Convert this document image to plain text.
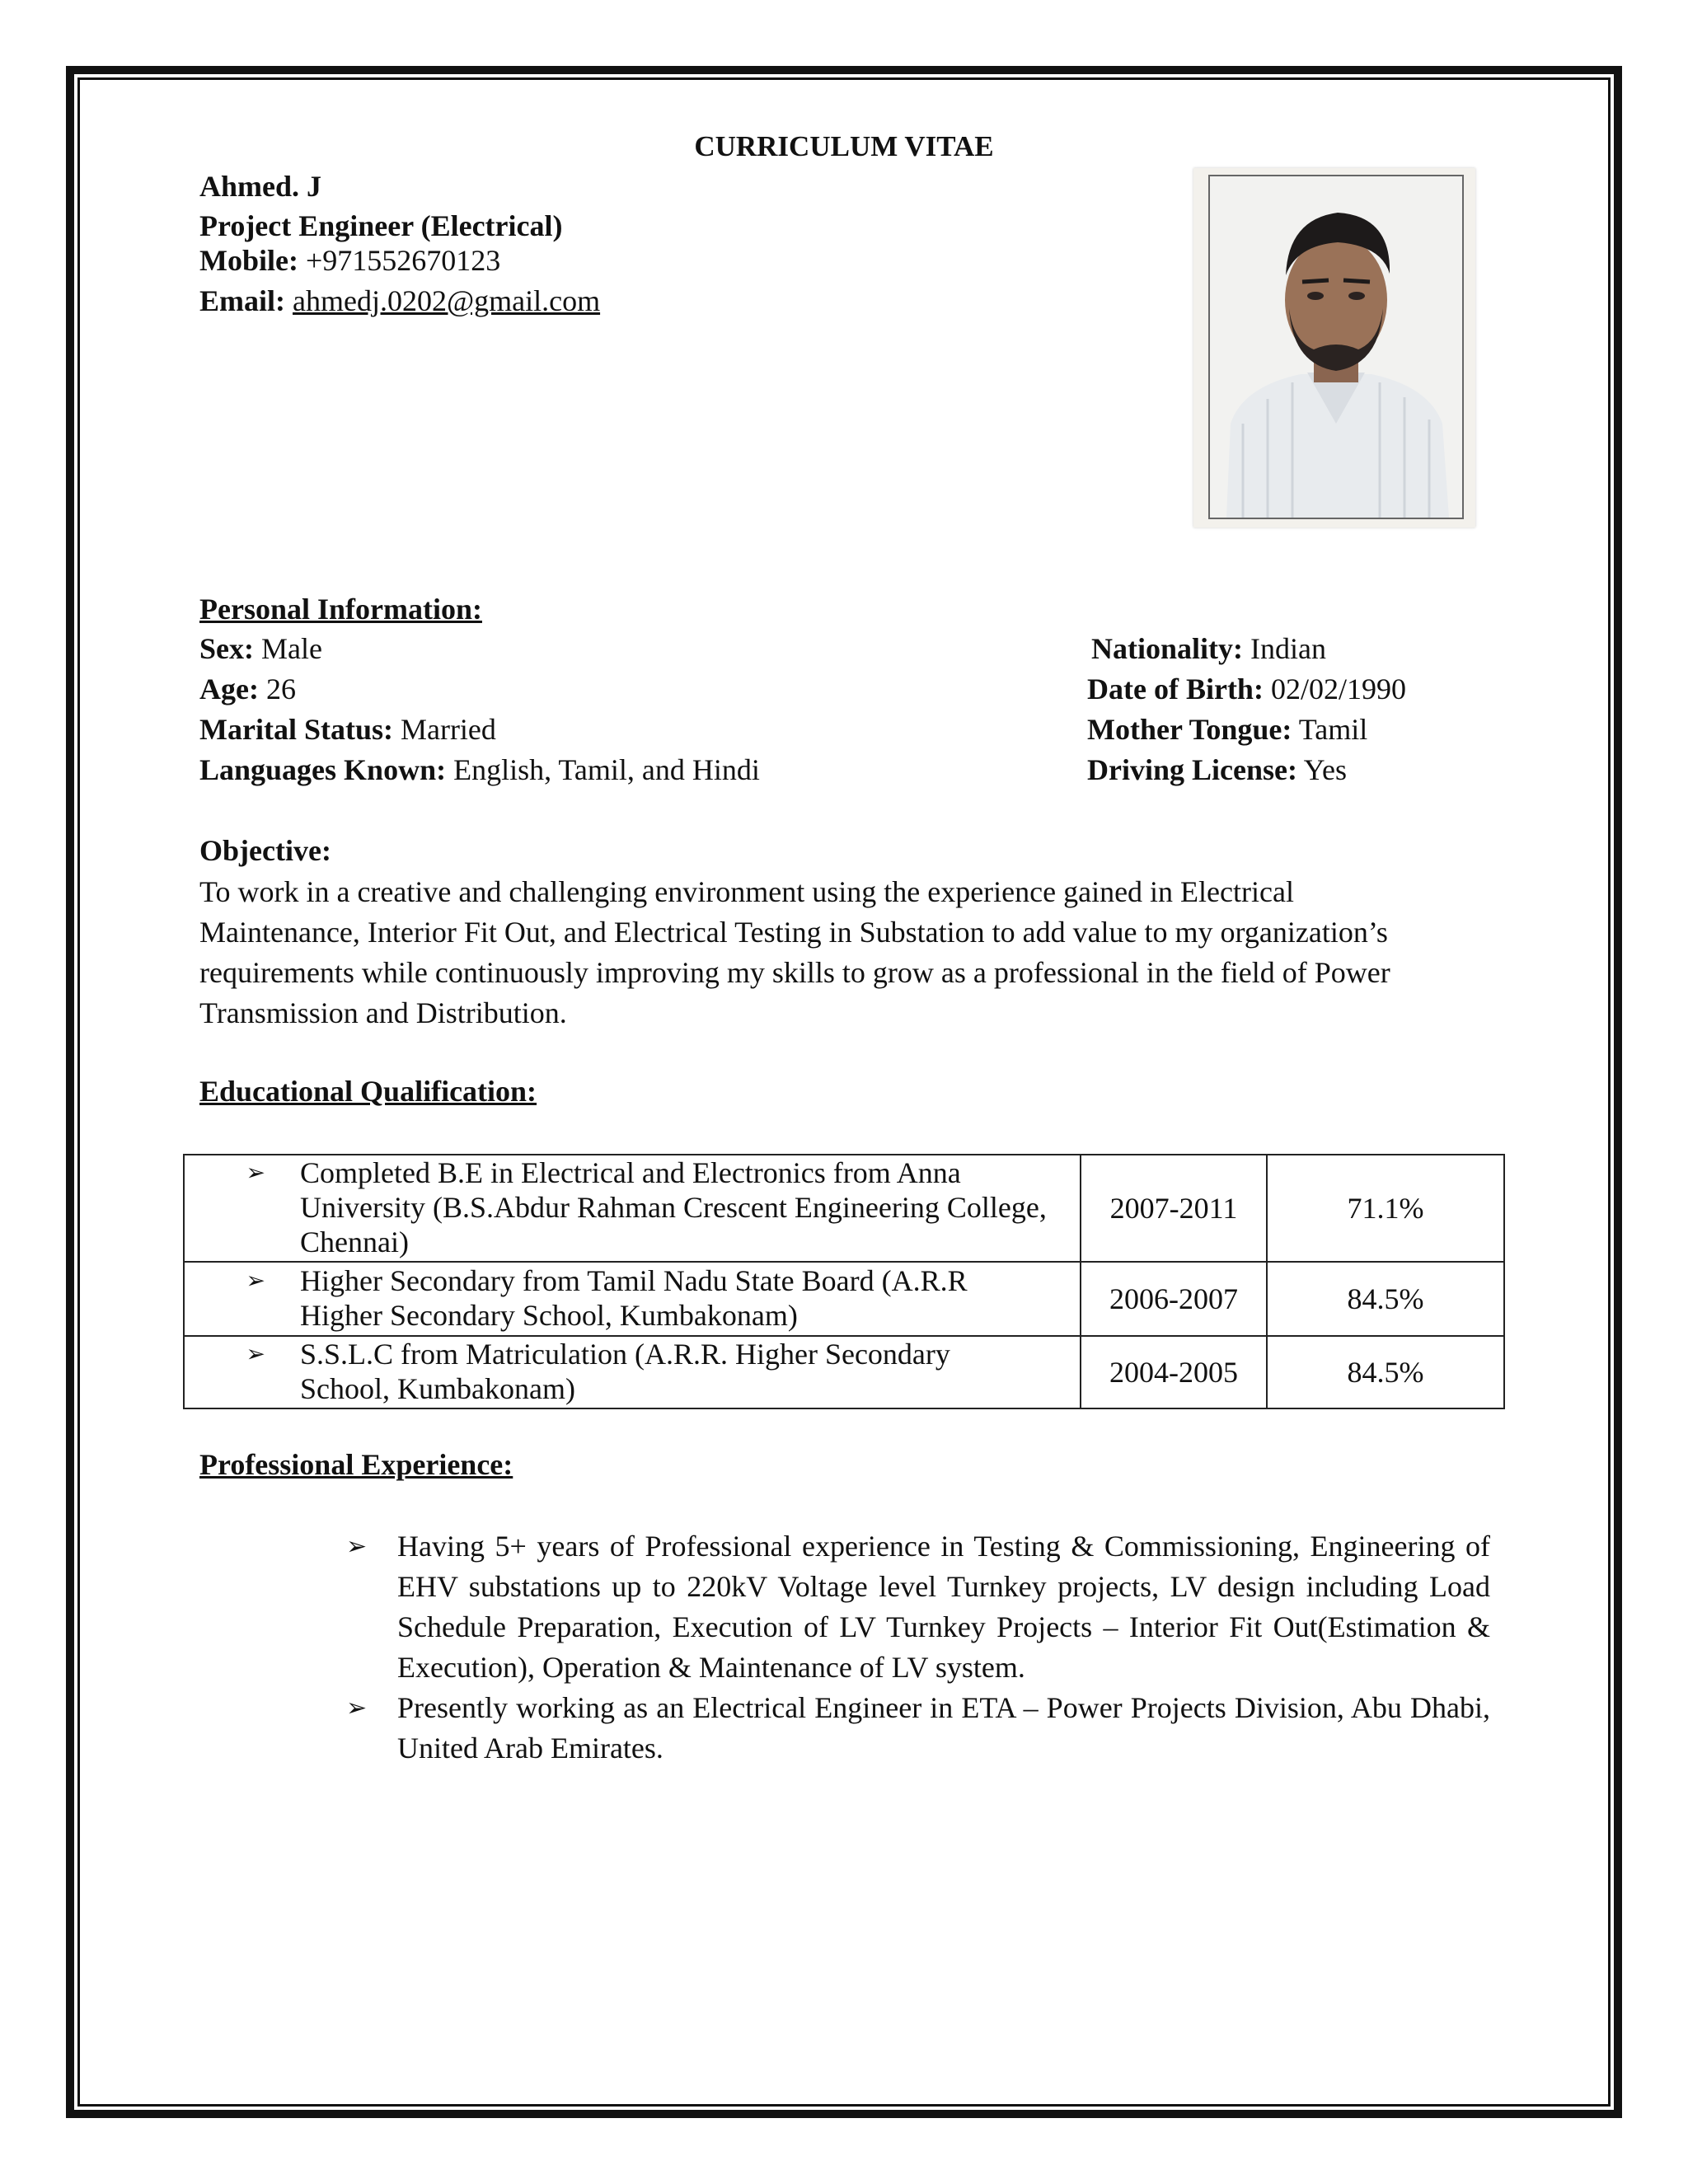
CURRICULUM VITAE
Ahmed. J
Project Engineer (Electrical)
Mobile: +971552670123
Email: ahmedj.0202@gmail.com
Personal Information:
Sex: Male
Age: 26
Marital Status: Married
Languages Known: English, Tamil, and Hindi
Nationality: Indian
Date of Birth: 02/02/1990
Mother Tongue: Tamil
Driving License: Yes
Objective:
To work in a creative and challenging environment using the experience gained in Electrical
Maintenance, Interior Fit Out, and Electrical Testing in Substation to add value to my organization’s
requirements while continuously improving my skills to grow as a professional in the field of Power
Transmission and Distribution.
Educational Qualification:
➢ Completed B.E in Electrical and Electronics from Anna
University (B.S.Abdur Rahman Crescent Engineering College,
Chennai)	2007-2011	71.1%

➢ Higher Secondary from Tamil Nadu State Board (A.R.R
Higher Secondary School, Kumbakonam)	2006-2007	84.5%

➢ S.S.L.C from Matriculation (A.R.R. Higher Secondary
School, Kumbakonam)	2004-2005	84.5%
Professional Experience:
➢	Having 5+ years of Professional experience in Testing & Commissioning, Engineering of EHV substations up to 220kV Voltage level Turnkey projects, LV design including Load Schedule Preparation, Execution of LV Turnkey Projects – Interior Fit Out(Estimation & Execution), Operation & Maintenance of LV system.
➢	Presently working as an Electrical Engineer in ETA – Power Projects Division, Abu Dhabi, United Arab Emirates.
